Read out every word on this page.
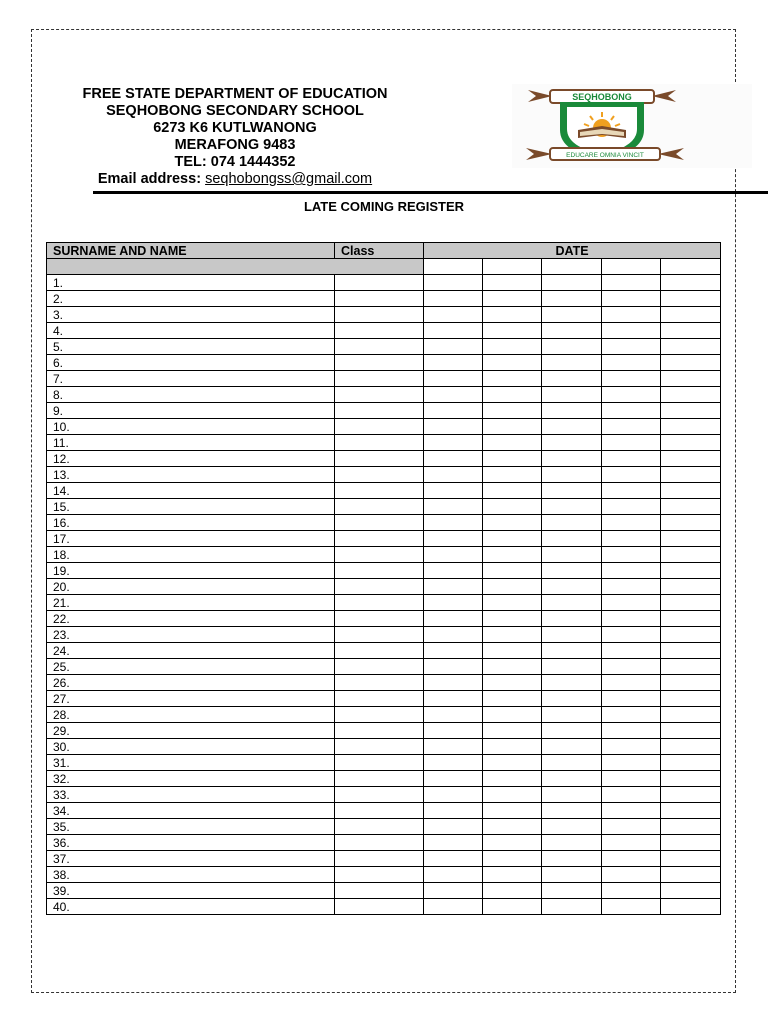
FREE STATE DEPARTMENT OF EDUCATION
SEQHOBONG SECONDARY SCHOOL
6273 K6 KUTLWANONG
MERAFONG 9483
TEL: 074 1444352
Email address: seqhobongss@gmail.com
SEQHOBONG
EDUCARE OMNIA VINCIT
LATE COMING REGISTER
SURNAME AND NAME	Class	DATE				

1.						
2.						
3.						
4.						
5.						
6.						
7.						
8.						
9.						
10.						
11.						
12.						
13.						
14.						
15.						
16.						
17.						
18.						
19.						
20.						
21.						
22.						
23.						
24.						
25.						
26.						
27.						
28.						
29.						
30.						
31.						
32.						
33.						
34.						
35.						
36.						
37.						
38.						
39.						
40.						
